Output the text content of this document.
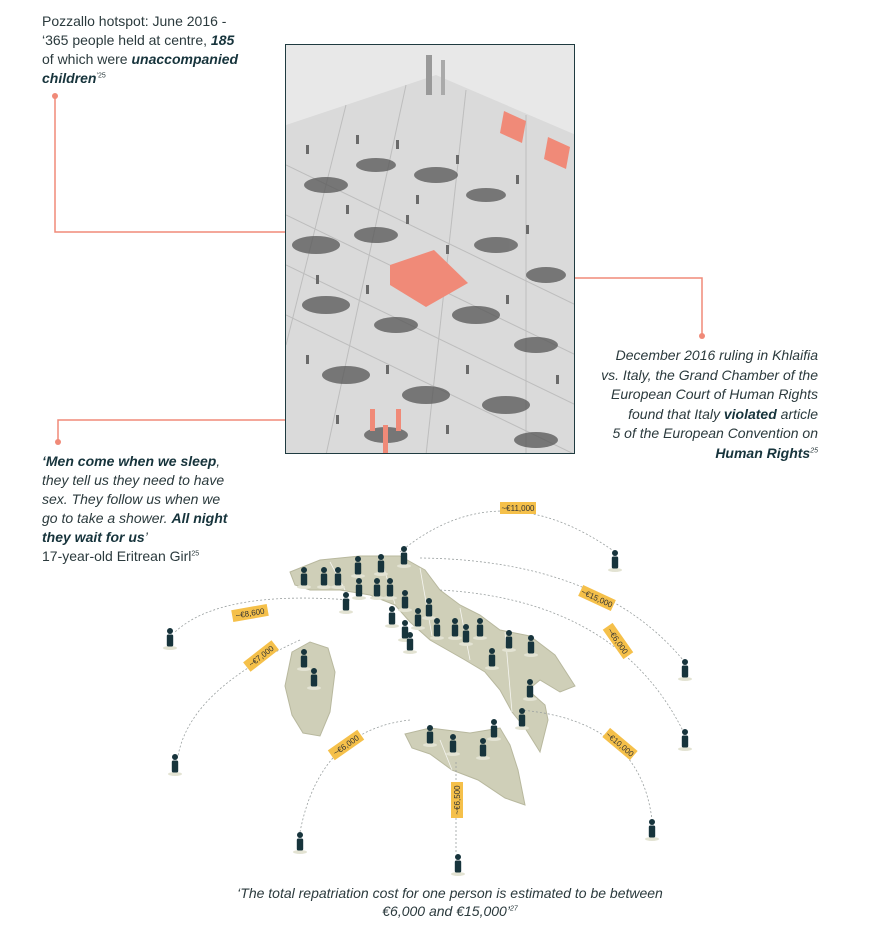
Pozzallo hotspot: June 2016 -
‘365 people held at centre, 185
of which were unaccompanied
children$^{’25}$
December 2016 ruling in Khlaifia
vs. Italy, the Grand Chamber of the
European Court of Human Rights
found that Italy violated article
5 of the European Convention on
Human Rights$^{25}$
‘Men come when we sleep,
they tell us they need to have
sex. They follow us when we
go to take a shower. All night
they wait for us’
17-year-old Eritrean Girl$^{25}$
~€11,000
~€15,000
~€6,000
~€8,600
~€7,000
~€6,000
~€6,500
~€10,000
‘The total repatriation cost for one person is estimated to be between
€6,000 and €15,000’$^{27}$
